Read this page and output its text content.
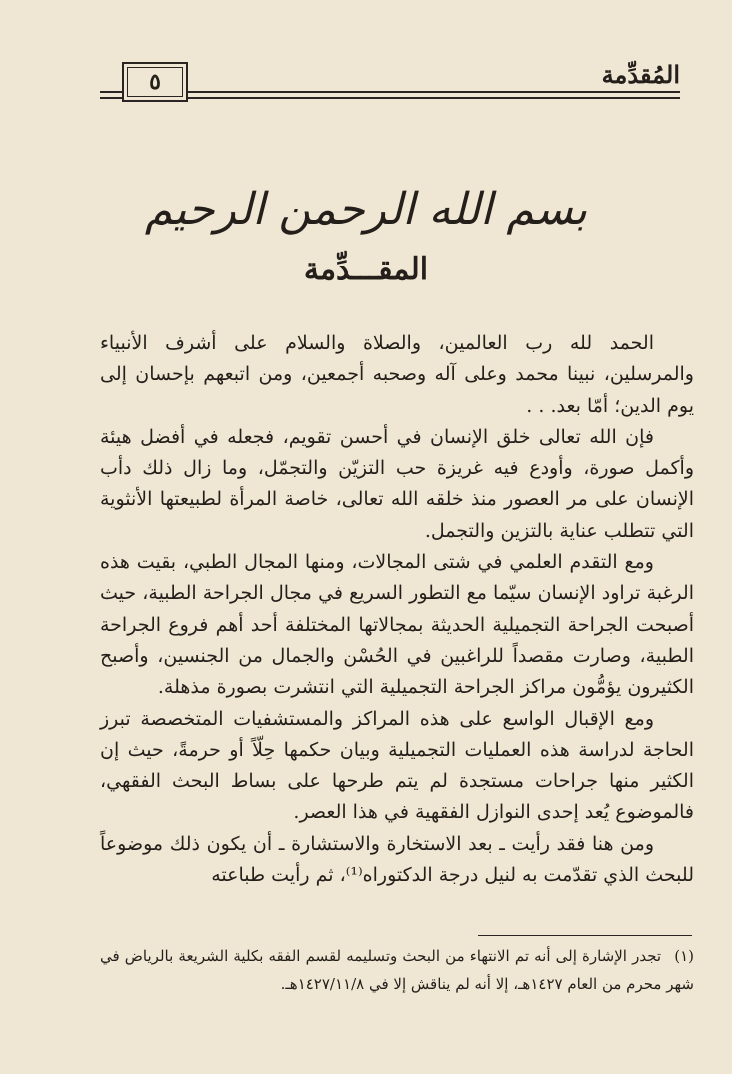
المُقدِّمة
٥
بسم الله الرحمن الرحيم
المقـــدِّمة

الحمد لله رب العالمين، والصلاة والسلام على أشرف الأنبياء والمرسلين، نبينا محمد وعلى آله وصحبه أجمعين، ومن اتبعهم بإحسان إلى يوم الدين؛ أمّا بعد. . .

فإن الله تعالى خلق الإنسان في أحسن تقويم، فجعله في أفضل هيئة وأكمل صورة، وأودع فيه غريزة حب التزيّن والتجمّل، وما زال ذلك دأب الإنسان على مر العصور منذ خلقه الله تعالى، خاصة المرأة لطبيعتها الأنثوية التي تتطلب عناية بالتزين والتجمل.

ومع التقدم العلمي في شتى المجالات، ومنها المجال الطبي، بقيت هذه الرغبة تراود الإنسان سيّما مع التطور السريع في مجال الجراحة الطبية، حيث أصبحت الجراحة التجميلية الحديثة بمجالاتها المختلفة أحد أهم فروع الجراحة الطبية، وصارت مقصداً للراغبين في الحُسْن والجمال من الجنسين، وأصبح الكثيرون يؤمُّون مراكز الجراحة التجميلية التي انتشرت بصورة مذهلة.

ومع الإقبال الواسع على هذه المراكز والمستشفيات المتخصصة تبرز الحاجة لدراسة هذه العمليات التجميلية وبيان حكمها حِلّاً أو حرمةً، حيث إن الكثير منها جراحات مستجدة لم يتم طرحها على بساط البحث الفقهي، فالموضوع يُعد إحدى النوازل الفقهية في هذا العصر.

ومن هنا فقد رأيت ـ بعد الاستخارة والاستشارة ـ أن يكون ذلك موضوعاً للبحث الذي تقدّمت به لنيل درجة الدكتوراه⁽¹⁾، ثم رأيت طباعته

(١) تجدر الإشارة إلى أنه تم الانتهاء من البحث وتسليمه لقسم الفقه بكلية الشريعة بالرياض في شهر محرم من العام ١٤٢٧هـ، إلا أنه لم يناقش إلا في ١٤٢٧/١١/٨هـ.
